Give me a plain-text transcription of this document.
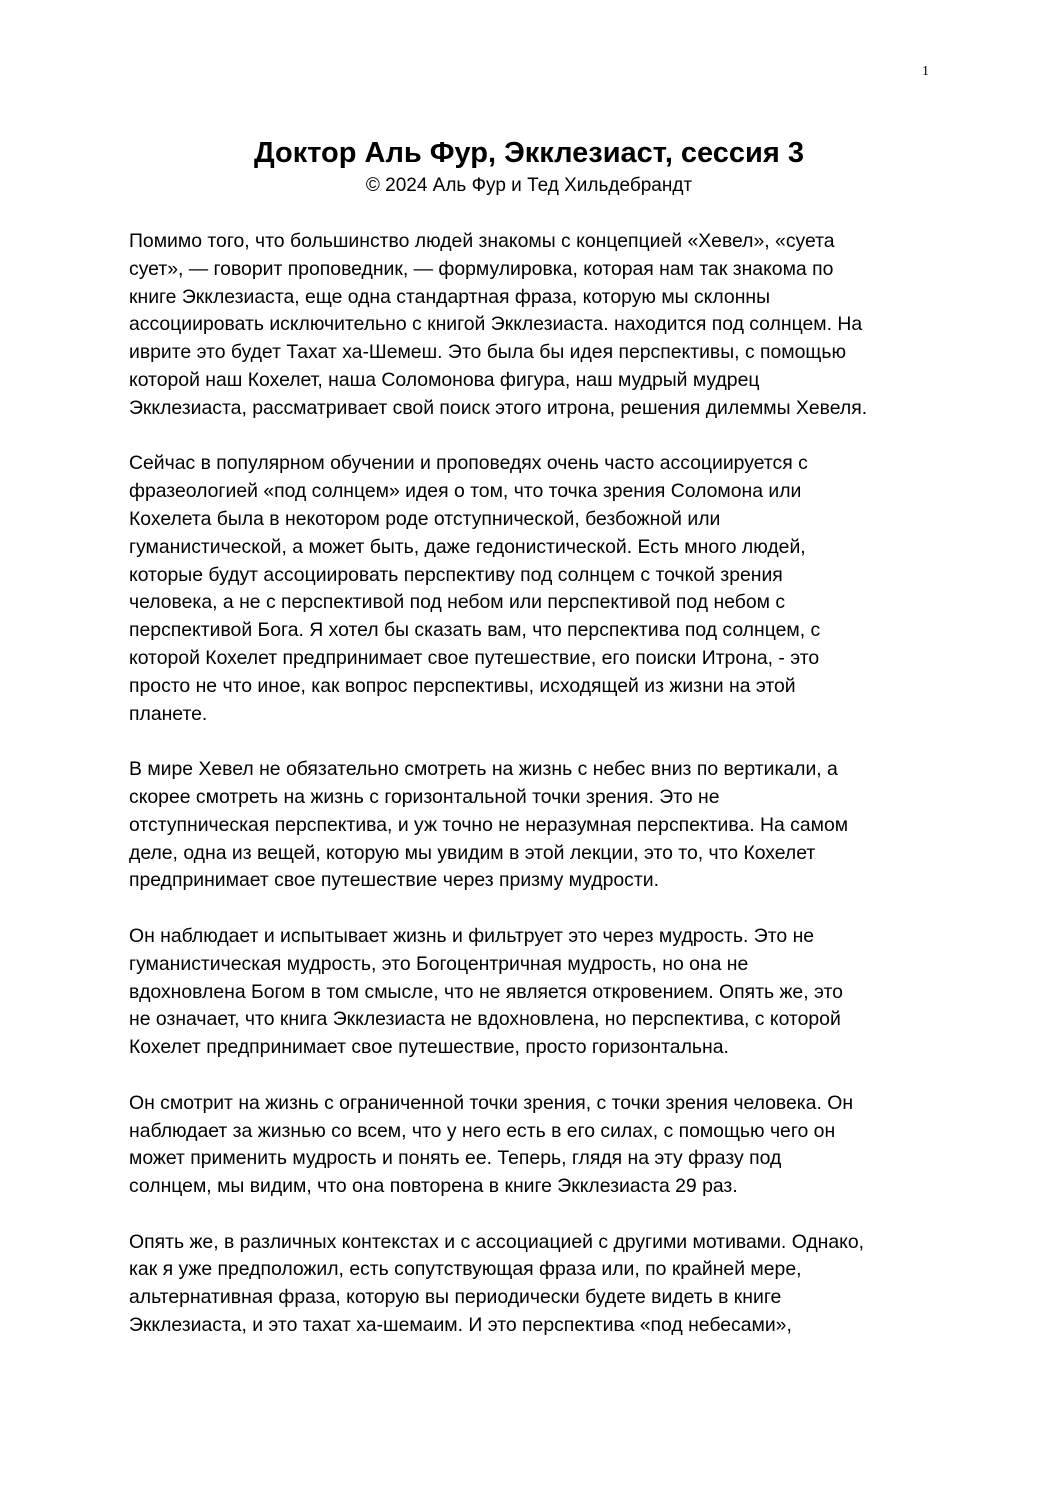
1
Доктор Аль Фур, Экклезиаст, сессия 3
© 2024 Аль Фур и Тед Хильдебрандт

Помимо того, что большинство людей знакомы с концепцией «Хевел», «суета
сует», — говорит проповедник, — формулировка, которая нам так знакома по
книге Экклезиаста, еще одна стандартная фраза, которую мы склонны
ассоциировать исключительно с книгой Экклезиаста. находится под солнцем. На
иврите это будет Тахат ха-Шемеш. Это была бы идея перспективы, с помощью
которой наш Кохелет, наша Соломонова фигура, наш мудрый мудрец
Экклезиаста, рассматривает свой поиск этого итрона, решения дилеммы Хевеля.

Сейчас в популярном обучении и проповедях очень часто ассоциируется с
фразеологией «под солнцем» идея о том, что точка зрения Соломона или
Кохелета была в некотором роде отступнической, безбожной или
гуманистической, а может быть, даже гедонистической. Есть много людей,
которые будут ассоциировать перспективу под солнцем с точкой зрения
человека, а не с перспективой под небом или перспективой под небом с
перспективой Бога. Я хотел бы сказать вам, что перспектива под солнцем, с
которой Кохелет предпринимает свое путешествие, его поиски Итрона, - это
просто не что иное, как вопрос перспективы, исходящей из жизни на этой
планете.

В мире Хевел не обязательно смотреть на жизнь с небес вниз по вертикали, а
скорее смотреть на жизнь с горизонтальной точки зрения. Это не
отступническая перспектива, и уж точно не неразумная перспектива. На самом
деле, одна из вещей, которую мы увидим в этой лекции, это то, что Кохелет
предпринимает свое путешествие через призму мудрости.

Он наблюдает и испытывает жизнь и фильтрует это через мудрость. Это не
гуманистическая мудрость, это Богоцентричная мудрость, но она не
вдохновлена Богом в том смысле, что не является откровением. Опять же, это
не означает, что книга Экклезиаста не вдохновлена, но перспектива, с которой
Кохелет предпринимает свое путешествие, просто горизонтальна.

Он смотрит на жизнь с ограниченной точки зрения, с точки зрения человека. Он
наблюдает за жизнью со всем, что у него есть в его силах, с помощью чего он
может применить мудрость и понять ее. Теперь, глядя на эту фразу под
солнцем, мы видим, что она повторена в книге Экклезиаста 29 раз.

Опять же, в различных контекстах и с ассоциацией с другими мотивами. Однако,
как я уже предположил, есть сопутствующая фраза или, по крайней мере,
альтернативная фраза, которую вы периодически будете видеть в книге
Экклезиаста, и это тахат ха-шемаим. И это перспектива «под небесами»,
